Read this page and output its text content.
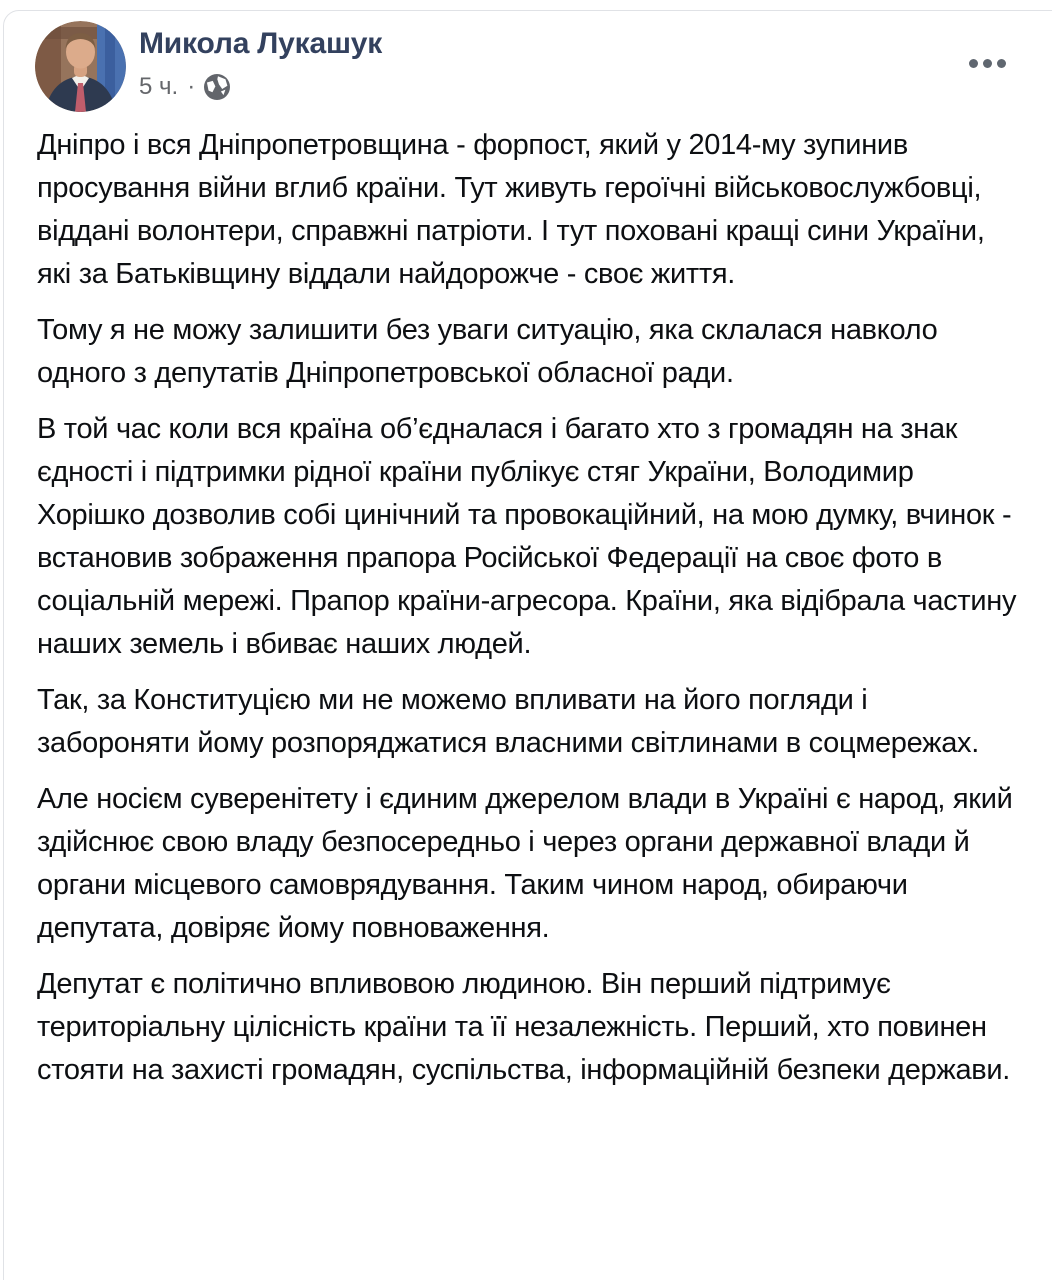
Микола Лукашук
5 ч. ·

Дніпро і вся Дніпропетровщина - форпост, який у 2014-му зупинив просування війни вглиб країни. Тут живуть героїчні військовослужбовці, віддані волонтери, справжні патріоти. І тут поховані кращі сини України, які за Батьківщину віддали найдорожче - своє життя.

Тому я не можу залишити без уваги ситуацію, яка склалася навколо одного з депутатів Дніпропетровської обласної ради.

В той час коли вся країна об’єдналася і багато хто з громадян на знак єдності і підтримки рідної країни публікує стяг України, Володимир Хорішко дозволив собі цинічний та провокаційний, на мою думку, вчинок - встановив зображення прапора Російської Федерації на своє фото в соціальній мережі. Прапор країни-агресора. Країни, яка відібрала частину наших земель і вбиває наших людей.

Так, за Конституцією ми не можемо впливати на його погляди і забороняти йому розпоряджатися власними світлинами в соцмережах.

Але носієм суверенітету і єдиним джерелом влади в Україні є народ, який здійснює свою владу безпосередньо і через органи державної влади й органи місцевого самоврядування. Таким чином народ, обираючи депутата, довіряє йому повноваження.

Депутат є політично впливовою людиною. Він перший підтримує територіальну цілісність країни та її незалежність. Перший, хто повинен стояти на захисті громадян, суспільства, інформаційній безпеки держави.
